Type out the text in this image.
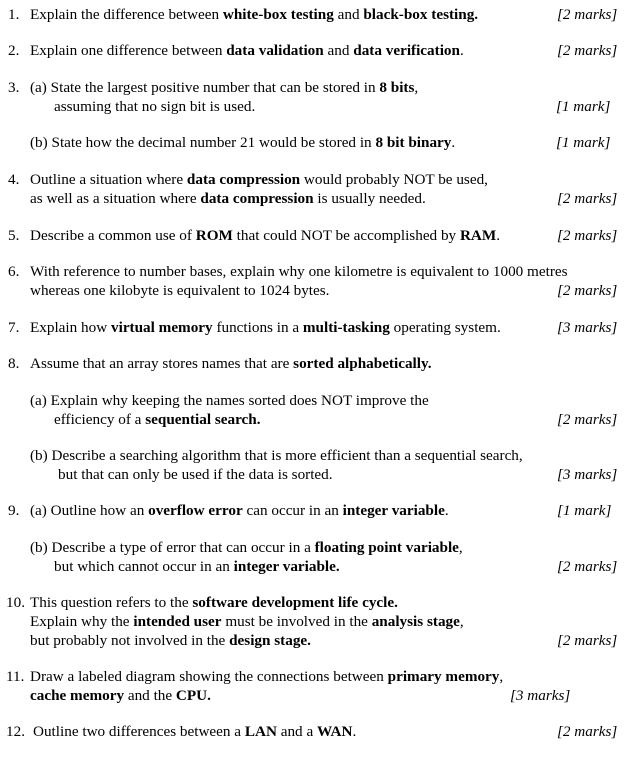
1. Explain the difference between white-box testing and black-box testing.	[2 marks]
2. Explain one difference between data validation and data verification.	[2 marks]
3. (a) State the largest positive number that can be stored in 8 bits,
assuming that no sign bit is used.	[1 mark]
(b) State how the decimal number 21 would be stored in 8 bit binary.	[1 mark]
4. Outline a situation where data compression would probably NOT be used,
as well as a situation where data compression is usually needed.	[2 marks]
5. Describe a common use of ROM that could NOT be accomplished by RAM.	[2 marks]
6. With reference to number bases, explain why one kilometre is equivalent to 1000 metres
whereas one kilobyte is equivalent to 1024 bytes.	[2 marks]
7. Explain how virtual memory functions in a multi-tasking operating system.	[3 marks]
8. Assume that an array stores names that are sorted alphabetically.
(a) Explain why keeping the names sorted does NOT improve the
efficiency of a sequential search.	[2 marks]
(b) Describe a searching algorithm that is more efficient than a sequential search,
but that can only be used if the data is sorted.	[3 marks]
9. (a) Outline how an overflow error can occur in an integer variable.	[1 mark]
(b) Describe a type of error that can occur in a floating point variable,
but which cannot occur in an integer variable.	[2 marks]
10. This question refers to the software development life cycle.
Explain why the intended user must be involved in the analysis stage,
but probably not involved in the design stage.	[2 marks]
11. Draw a labeled diagram showing the connections between primary memory,
cache memory and the CPU.	[3 marks]
12. Outline two differences between a LAN and a WAN.	[2 marks]
